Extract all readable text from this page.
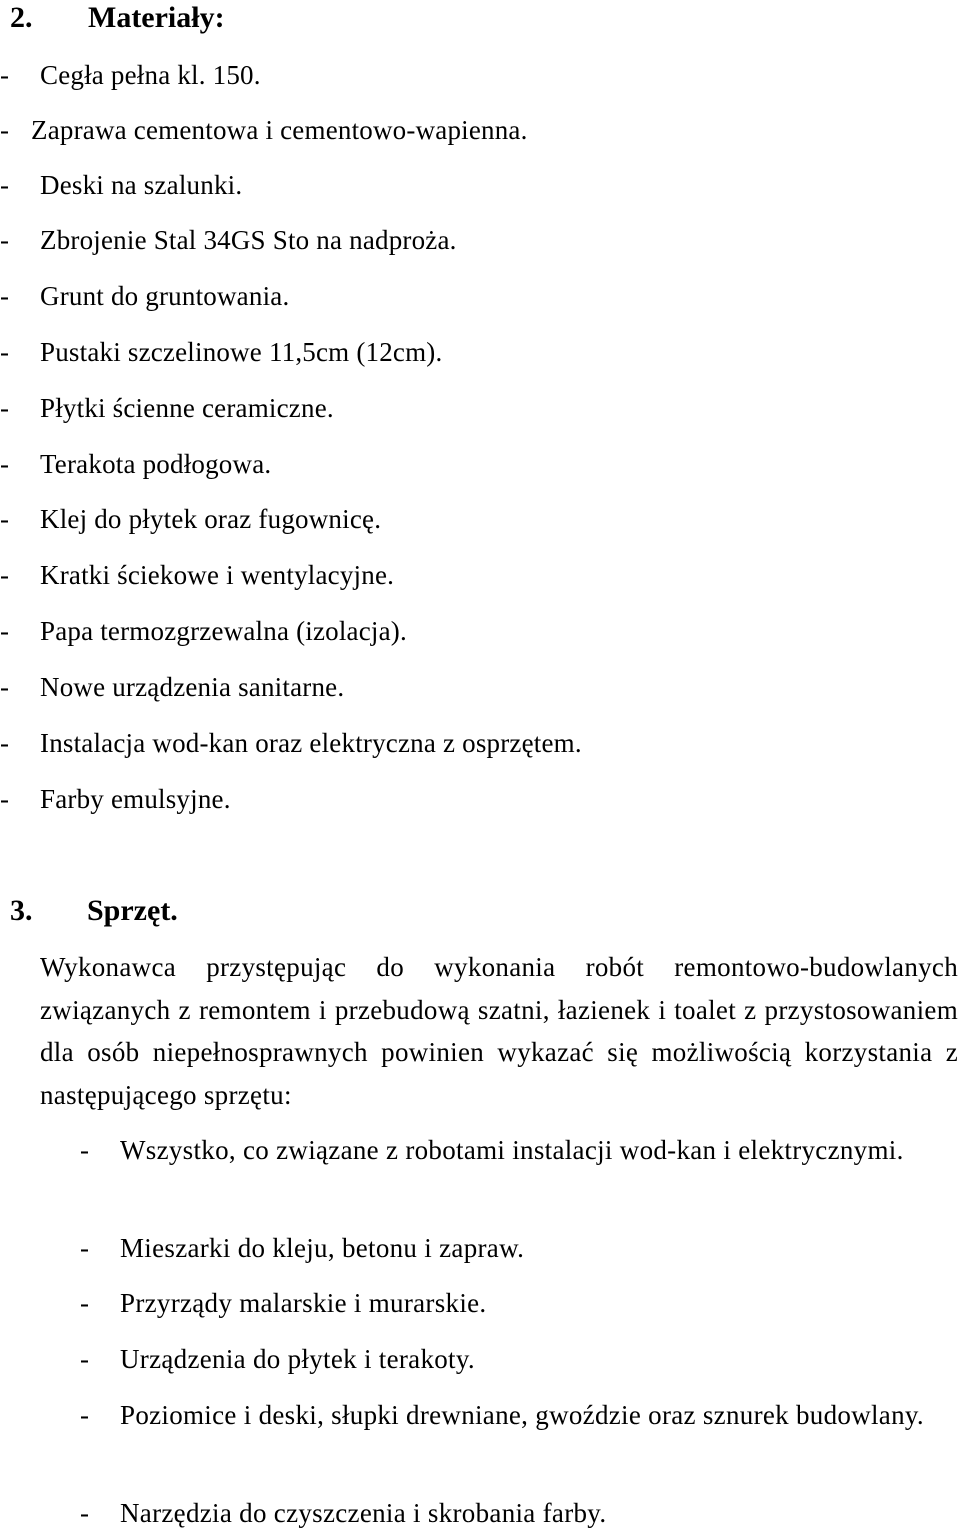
2. Materiały:
- Cegła pełna kl. 150.
- Zaprawa cementowa i cementowo-wapienna.
- Deski na szalunki.
- Zbrojenie Stal 34GS Sto na nadproża.
- Grunt do gruntowania.
- Pustaki szczelinowe 11,5cm (12cm).
- Płytki ścienne ceramiczne.
- Terakota podłogowa.
- Klej do płytek oraz fugownicę.
- Kratki ściekowe i wentylacyjne.
- Papa termozgrzewalna (izolacja).
- Nowe urządzenia sanitarne.
- Instalacja wod-kan oraz elektryczna z osprzętem.
- Farby emulsyjne.
3. Sprzęt.
Wykonawca przystępując do wykonania robót remontowo-budowlanych związanych z remontem i przebudową szatni, łazienek i toalet z przystosowaniem dla osób niepełnosprawnych powinien wykazać się możliwością korzystania z następującego sprzętu:
- Wszystko, co związane z robotami instalacji wod-kan i elektrycznymi.
- Mieszarki do kleju, betonu i zapraw.
- Przyrządy malarskie i murarskie.
- Urządzenia do płytek i terakoty.
- Poziomice i deski, słupki drewniane, gwoździe oraz sznurek budowlany.
- Narzędzia do czyszczenia i skrobania farby.
